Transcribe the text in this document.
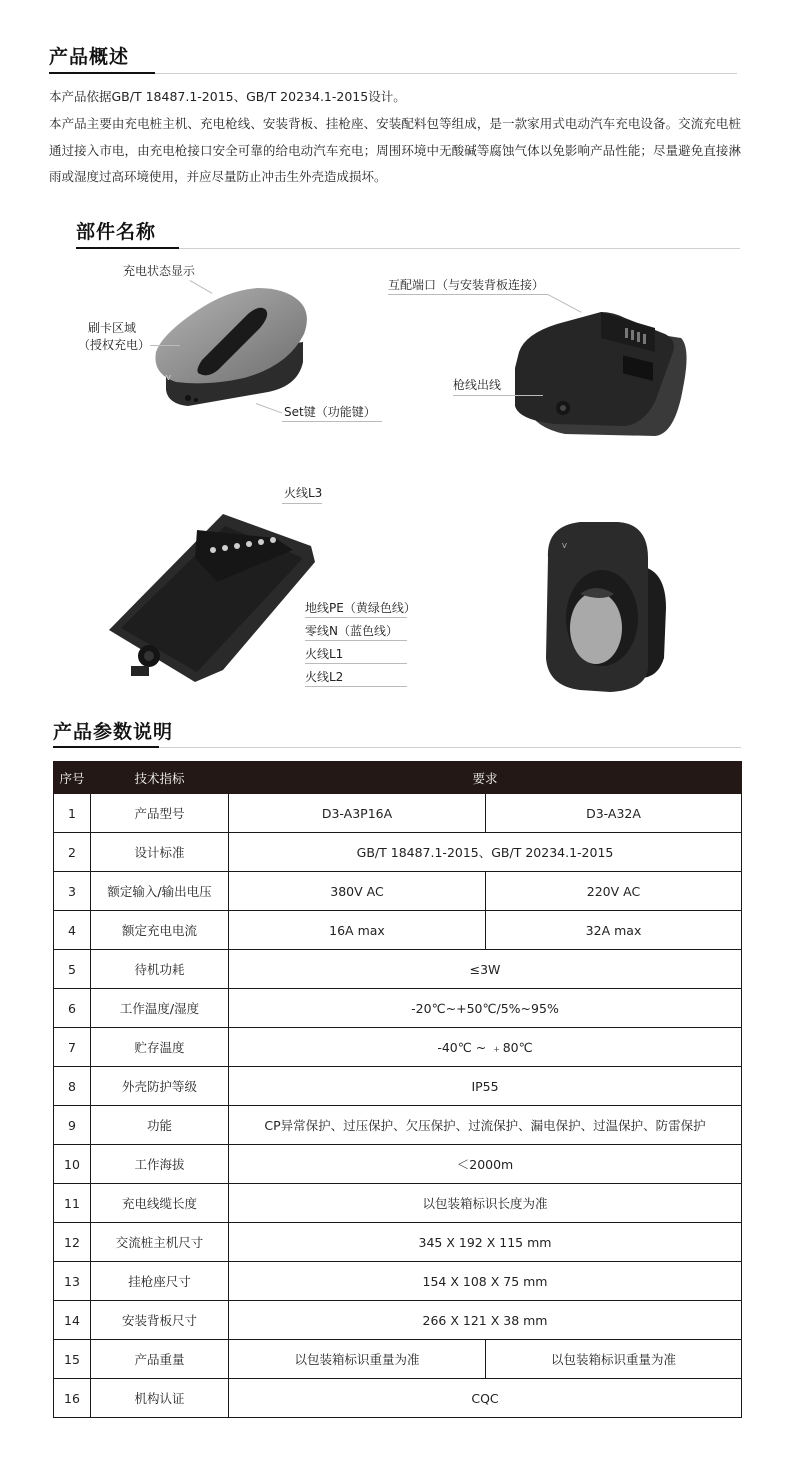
产品概述
本产品依据GB/T 18487.1-2015、GB/T 20234.1-2015设计。
本产品主要由充电桩主机、充电枪线、安装背板、挂枪座、安装配料包等组成，是一款家用式电动汽车充电设备。交流充电桩通过接入市电，由充电枪接口安全可靠的给电动汽车充电；周围环境中无酸碱等腐蚀气体以免影响产品性能；尽量避免直接淋雨或湿度过高环境使用，并应尽量防止冲击生外壳造成损坏。
部件名称
V
充电状态显示
刷卡区域
（授权充电）
Set键（功能键）
互配端口（与安装背板连接）
枪线出线
火线L3
地线PE（黄绿色线）
零线N（蓝色线）
火线L1
火线L2
V
产品参数说明
序号	技术指标	要求	
1	产品型号	D3-A3P16A	D3-A32A
2	设计标准	GB/T 18487.1-2015、GB/T 20234.1-2015	
3	额定输入/输出电压	380V AC	220V AC
4	额定充电电流	16A max	32A max
5	待机功耗	≤3W	
6	工作温度/湿度	-20℃~+50℃/5%~95%	
7	贮存温度	-40℃ ~ ﹢80℃	
8	外壳防护等级	IP55	
9	功能	CP异常保护、过压保护、欠压保护、过流保护、漏电保护、过温保护、防雷保护	
10	工作海拔	＜2000m	
11	充电线缆长度	以包装箱标识长度为准	
12	交流桩主机尺寸	345 X 192 X 115 mm	
13	挂枪座尺寸	154 X 108 X 75 mm	
14	安装背板尺寸	266 X 121 X 38 mm	
15	产品重量	以包装箱标识重量为准	以包装箱标识重量为准
16	机构认证	CQC	
